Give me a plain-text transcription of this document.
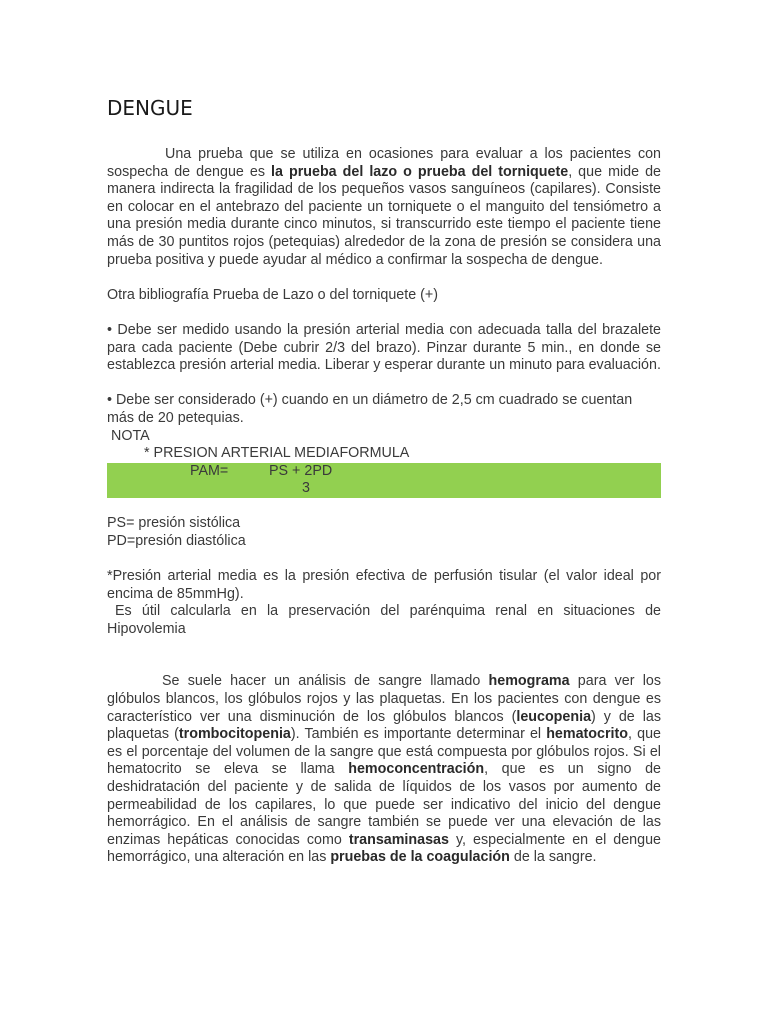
DENGUE

Una prueba que se utiliza en ocasiones para evaluar a los pacientes con sospecha de dengue es la prueba del lazo o prueba del torniquete, que mide de manera indirecta la fragilidad de los pequeños vasos sanguíneos (capilares). Consiste en colocar en el antebrazo del paciente un torniquete o el manguito del tensiómetro a una presión media durante cinco minutos, si transcurrido este tiempo el paciente tiene más de 30 puntitos rojos (petequias) alrededor de la zona de presión se considera una prueba positiva y puede ayudar al médico a confirmar la sospecha de dengue.

Otra bibliografía Prueba de Lazo o del torniquete (+)

• Debe ser medido usando la presión arterial media con adecuada talla del brazalete para cada paciente (Debe cubrir 2/3 del brazo). Pinzar durante 5 min., en donde se establezca presión arterial media. Liberar y esperar durante un minuto para evaluación.

• Debe ser considerado (+) cuando en un diámetro de 2,5 cm cuadrado se cuentan más de 20 petequias.

NOTA

* PRESION ARTERIAL MEDIAFORMULA

PAM=	PS + 2PD
3

PS= presión sistólica

PD=presión diastólica

*Presión arterial media es la presión efectiva de perfusión tisular (el valor ideal por encima de 85mmHg).

Es útil calcularla en la preservación del parénquima renal en situaciones de Hipovolemia

Se suele hacer un análisis de sangre llamado hemograma para ver los glóbulos blancos, los glóbulos rojos y las plaquetas. En los pacientes con dengue es característico ver una disminución de los glóbulos blancos (leucopenia) y de las plaquetas (trombocitopenia). También es importante determinar el hematocrito, que es el porcentaje del volumen de la sangre que está compuesta por glóbulos rojos. Si el hematocrito se eleva se llama hemoconcentración, que es un signo de deshidratación del paciente y de salida de líquidos de los vasos por aumento de permeabilidad de los capilares, lo que puede ser indicativo del inicio del dengue hemorrágico. En el análisis de sangre también se puede ver una elevación de las enzimas hepáticas conocidas como transaminasas y, especialmente en el dengue hemorrágico, una alteración en las pruebas de la coagulación de la sangre.
